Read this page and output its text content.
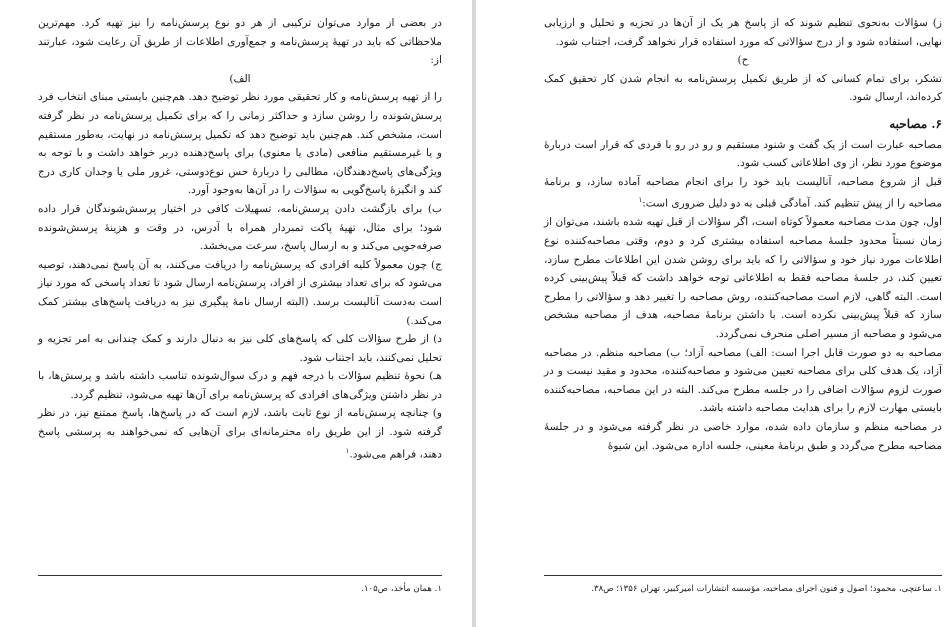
ز) سؤالات به‌نحوی تنظیم شوند که از پاسخ هر یک از آن‌ها در تجزیه و تحلیل و ارزیابی نهایی، استفاده شود و از درج سؤالاتی که مورد استفاده قرار نخواهد گرفت، اجتناب شود.

ح)

تشکر، برای تمام کسانی که از طریق تکمیل پرسش‌نامه به انجام شدن کار تحقیق کمک کرده‌اند، ارسال شود.

۶. مصاحبه

مصاحبه عبارت است از یک گفت و شنود مستقیم و رو در رو با فردی که قرار است دربارهٔ موضوع مورد نظر، از وی اطلاعاتی کسب شود.

قبل از شروع مصاحبه، آنالیست باید خود را برای انجام مصاحبه آماده سازد، و برنامهٔ مصاحبه را از پیش تنظیم کند. آمادگی قبلی به دو دلیل ضروری است:$^۱$

اول، چون مدت مصاحبه معمولاً کوتاه است، اگر سؤالات از قبل تهیه شده باشند، می‌توان از زمان نسبتاً محدود جلسهٔ مصاحبه استفاده بیشتری کرد و دوم، وقتی مصاحبه‌کننده نوع اطلاعات مورد نیاز خود و سؤالاتی را که باید برای روشن شدن این اطلاعات مطرح سازد، تعیین کند، در جلسهٔ مصاحبه فقط به اطلاعاتی توجه خواهد داشت که قبلاً پیش‌بینی کرده است. البته گاهی، لازم است مصاحبه‌کننده، روش مصاحبه را تغییر دهد و سؤالاتی را مطرح سازد که قبلاً پیش‌بینی نکرده است. با داشتن برنامهٔ مصاحبه، هدف از مصاحبه مشخص می‌شود و مصاحبه از مسیر اصلی منحرف نمی‌گردد.

مصاحبه به دو صورت قابل اجرا است: الف) مصاحبه آزاد؛ ب) مصاحبه منظم. در مصاحبه آزاد، یک هدف کلی برای مصاحبه تعیین می‌شود و مصاحبه‌کننده، محدود و مقید نیست و در صورت لزوم سؤالات اضافی را در جلسه مطرح می‌کند. البته در این مصاحبه، مصاحبه‌کننده بایستی مهارت لازم را برای هدایت مصاحبه داشته باشد.

در مصاحبه منظم و سازمان داده شده، موارد خاصی در نظر گرفته می‌شود و در جلسهٔ مصاحبه مطرح می‌گردد و طبق برنامهٔ معینی، جلسه اداره می‌شود. این شیوهٔ

۱. ساعتچی، محمود؛ اصول و فنون اجرای مصاحبه، مؤسسه انتشارات امیرکبیر، تهران ۱۳۵۶؛ ص۳۸.

در بعضی از موارد می‌توان ترکیبی از هر دو نوع پرسش‌نامه را نیز تهیه کرد. مهم‌ترین ملاحظاتی که باید در تهیهٔ پرسش‌نامه و جمع‌آوری اطلاعات از طریق آن رعایت شود، عبارتند از:

الف)

را از تهیه پرسش‌نامه و کار تحقیقی مورد نظر توضیح دهد. هم‌چنین بایستی مبنای انتخاب فرد پرسش‌شونده را روشن سازد و حداکثر زمانی را که برای تکمیل پرسش‌نامه در نظر گرفته است، مشخص کند. هم‌چنین باید توضیح دهد که تکمیل پرسش‌نامه در نهایت، به‌طور مستقیم و یا غیرمستقیم منافعی (مادی یا معنوی) برای پاسخ‌دهنده دربر خواهد داشت و با توجه به ویژگی‌های پاسخ‌دهندگان، مطالبی را دربارهٔ حس نوع‌دوستی، غرور ملی یا وجدان کاری درج کند و انگیزهٔ پاسخ‌گویی به سؤالات را در آن‌ها به‌وجود آورد.

ب) برای بازگشت دادن پرسش‌نامه، تسهیلات کافی در اختیار پرسش‌شوندگان قرار داده شود؛ برای مثال، تهیهٔ پاکت تمبردار همراه با آدرس، در وقت و هزینهٔ پرسش‌شونده صرفه‌جویی می‌کند و به ارسال پاسخ، سرعت می‌بخشد.

ج) چون معمولاً کلیه افرادی که پرسش‌نامه را دریافت می‌کنند، به آن پاسخ نمی‌دهند، توصیه می‌شود که برای تعداد بیشتری از افراد، پرسش‌نامه ارسال شود تا تعداد پاسخی که مورد نیاز است به‌دست آنالیست برسد. (البته ارسال نامهٔ پیگیری نیز به دریافت پاسخ‌های بیشتر کمک می‌کند.)

د) از طرح سؤالات کلی که پاسخ‌های کلی نیز به دنبال دارند و کمک چندانی به امر تجزیه و تحلیل نمی‌کنند، باید اجتناب شود.

هـ) نحوهٔ تنظیم سؤالات با درجه فهم و درک سوال‌شونده تناسب داشته باشد و پرسش‌ها، با در نظر داشتن ویژگی‌های افرادی که پرسش‌نامه برای آن‌ها تهیه می‌شود، تنظیم گردد.

و) چنانچه پرسش‌نامه از نوع ثابت باشد، لازم است که در پاسخ‌ها، پاسخ ممتنع نیز، در نظر گرفته شود. از این طریق راه محترمانه‌ای برای آن‌هایی که نمی‌خواهند به پرسشی پاسخ دهند، فراهم می‌شود.$^۱$

۱. همان مأخذ، ص۱۰۵.
